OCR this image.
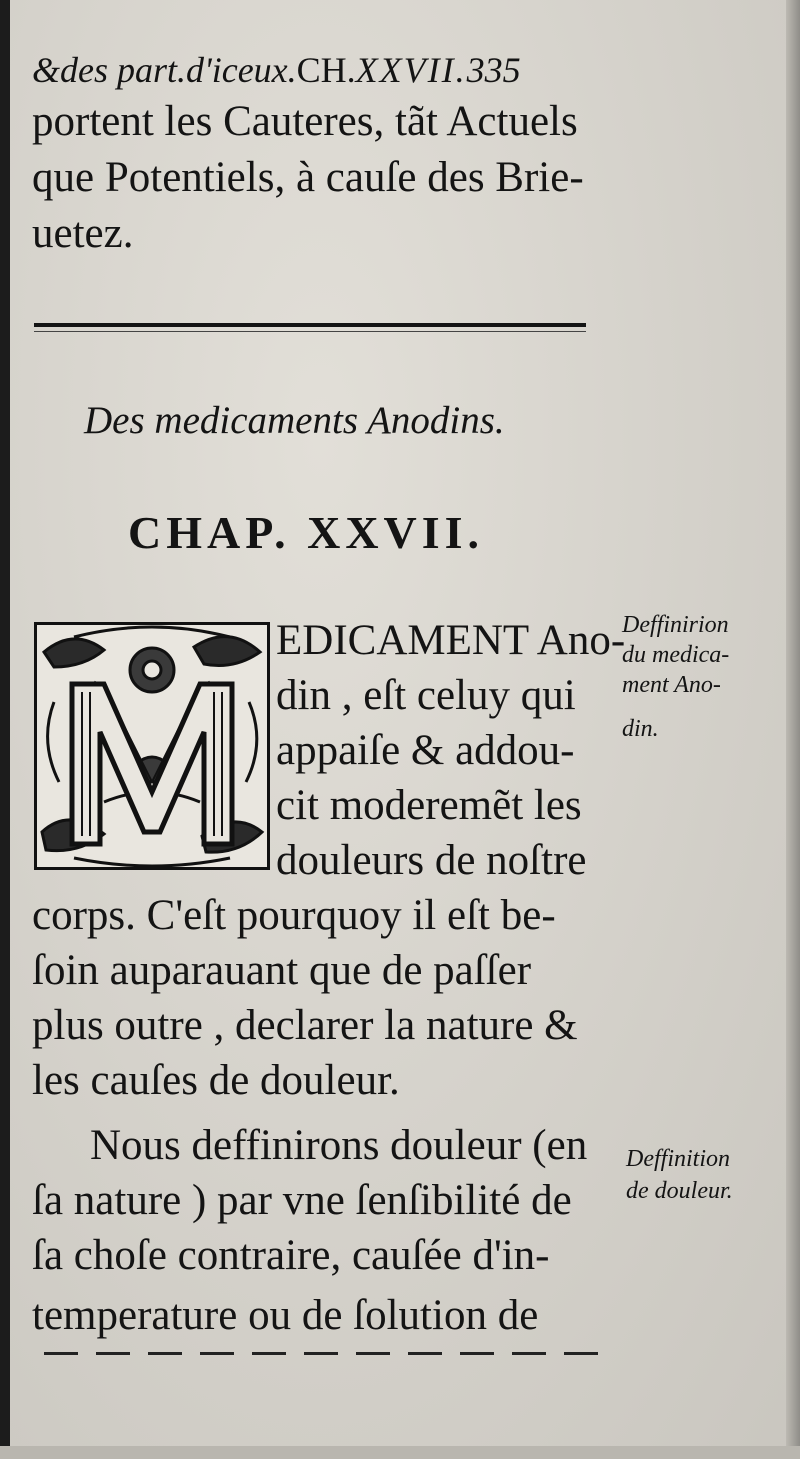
&des part.d'iceux.CH.XXVII.335
portent les Cauteres, tãt Actuels
que Potentiels, à cauſe des Brie-
uetez.
Des medicaments Anodins.
CHAP. XXVII.
EDICAMENT Ano-
din , eſt celuy qui
appaiſe & addou-
cit moderemẽt les
douleurs de noſtre
corps. C'eſt pourquoy il eſt be-
ſoin auparauant que de paſſer
plus outre , declarer la nature &
les cauſes de douleur.
Nous deffinirons douleur (en
ſa nature ) par vne ſenſibilité de
ſa choſe contraire, cauſée d'in-
temperature ou de ſolution de
Deffinirion
du medica-
ment Ano-
din.
Deffinition
de douleur.
